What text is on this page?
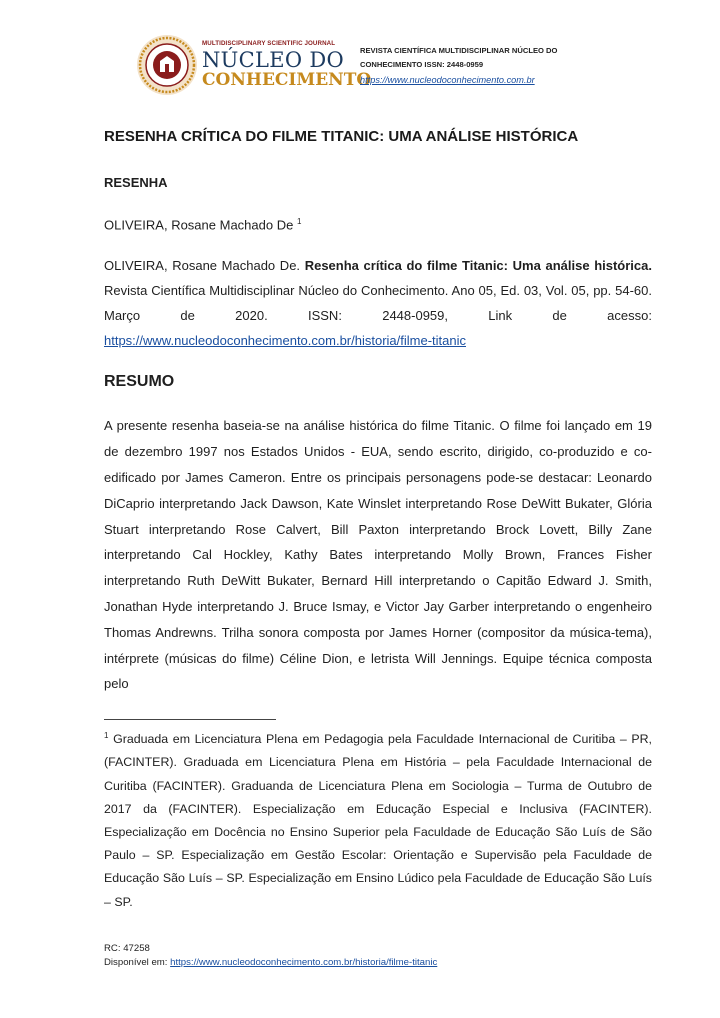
MULTIDISCIPLINARY SCIENTIFIC JOURNAL
NÚCLEO DO
CONHECIMENTO
REVISTA CIENTÍFICA MULTIDISCIPLINAR NÚCLEO DO
CONHECIMENTO ISSN: 2448-0959
https://www.nucleodoconhecimento.com.br
RESENHA CRÍTICA DO FILME TITANIC: UMA ANÁLISE HISTÓRICA
RESENHA
OLIVEIRA, Rosane Machado De $^1$
OLIVEIRA, Rosane Machado De. Resenha crítica do filme Titanic: Uma análise histórica. Revista Científica Multidisciplinar Núcleo do Conhecimento. Ano 05, Ed. 03, Vol. 05, pp. 54-60. Março de 2020. ISSN: 2448-0959, Link de acesso: https://www.nucleodoconhecimento.com.br/historia/filme-titanic
RESUMO
A presente resenha baseia-se na análise histórica do filme Titanic. O filme foi lançado em 19 de dezembro 1997 nos Estados Unidos - EUA, sendo escrito, dirigido, co-produzido e co-edificado por James Cameron. Entre os principais personagens pode-se destacar: Leonardo DiCaprio interpretando Jack Dawson, Kate Winslet interpretando Rose DeWitt Bukater, Glória Stuart interpretando Rose Calvert, Bill Paxton interpretando Brock Lovett, Billy Zane interpretando Cal Hockley, Kathy Bates interpretando Molly Brown, Frances Fisher interpretando Ruth DeWitt Bukater, Bernard Hill interpretando o Capitão Edward J. Smith, Jonathan Hyde interpretando J. Bruce Ismay, e Victor Jay Garber interpretando o engenheiro Thomas Andrewns. Trilha sonora composta por James Horner (compositor da música-tema), intérprete (músicas do filme) Céline Dion, e letrista Will Jennings. Equipe técnica composta pelo
$^1$ Graduada em Licenciatura Plena em Pedagogia pela Faculdade Internacional de Curitiba – PR, (FACINTER). Graduada em Licenciatura Plena em História – pela Faculdade Internacional de Curitiba (FACINTER). Graduanda de Licenciatura Plena em Sociologia – Turma de Outubro de 2017 da (FACINTER). Especialização em Educação Especial e Inclusiva (FACINTER). Especialização em Docência no Ensino Superior pela Faculdade de Educação São Luís de São Paulo – SP. Especialização em Gestão Escolar: Orientação e Supervisão pela Faculdade de Educação São Luís – SP. Especialização em Ensino Lúdico pela Faculdade de Educação São Luís – SP.
RC: 47258
Disponível em: https://www.nucleodoconhecimento.com.br/historia/filme-titanic
